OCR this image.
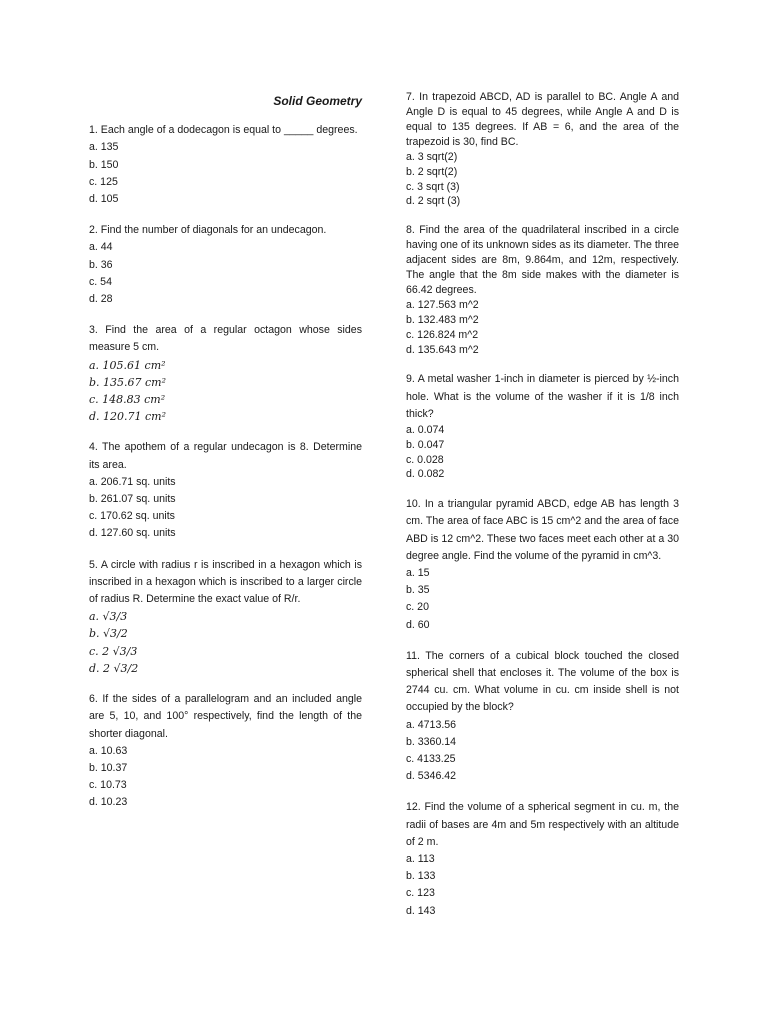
Solid Geometry
1. Each angle of a dodecagon is equal to _____ degrees.
a. 135
b. 150
c. 125
d. 105
2. Find the number of diagonals for an undecagon.
a. 44
b. 36
c. 54
d. 28
3. Find the area of a regular octagon whose sides measure 5 cm.
a. 105.61 cm²
b. 135.67 cm²
c. 148.83 cm²
d. 120.71 cm²
4. The apothem of a regular undecagon is 8. Determine its area.
a. 206.71 sq. units
b. 261.07 sq. units
c. 170.62 sq. units
d. 127.60 sq. units
5. A circle with radius r is inscribed in a hexagon which is inscribed in a hexagon which is inscribed to a larger circle of radius R. Determine the exact value of R/r.
a. √3/3
b. √3/2
c. 2 √3/3
d. 2 √3/2
6. If the sides of a parallelogram and an included angle are 5, 10, and 100° respectively, find the length of the shorter diagonal.
a. 10.63
b. 10.37
c. 10.73
d. 10.23
7. In trapezoid ABCD, AD is parallel to BC. Angle A and Angle D is equal to 45 degrees, while Angle A and D is equal to 135 degrees. If AB = 6, and the area of the trapezoid is 30, find BC.
a. 3 sqrt(2)
b. 2 sqrt(2)
c. 3 sqrt (3)
d. 2 sqrt (3)
8. Find the area of the quadrilateral inscribed in a circle having one of its unknown sides as its diameter. The three adjacent sides are 8m, 9.864m, and 12m, respectively. The angle that the 8m side makes with the diameter is 66.42 degrees.
a. 127.563 m^2
b. 132.483 m^2
c. 126.824 m^2
d. 135.643 m^2
9. A metal washer 1-inch in diameter is pierced by ½-inch hole. What is the volume of the washer if it is 1/8 inch thick?
a. 0.074
b. 0.047
c. 0.028
d. 0.082
10. In a triangular pyramid ABCD, edge AB has length 3 cm. The area of face ABC is 15 cm^2 and the area of face ABD is 12 cm^2. These two faces meet each other at a 30 degree angle. Find the volume of the pyramid in cm^3.
a. 15
b. 35
c. 20
d. 60
11. The corners of a cubical block touched the closed spherical shell that encloses it. The volume of the box is 2744 cu. cm. What volume in cu. cm inside shell is not occupied by the block?
a. 4713.56
b. 3360.14
c. 4133.25
d. 5346.42
12. Find the volume of a spherical segment in cu. m, the radii of bases are 4m and 5m respectively with an altitude of 2 m.
a. 113
b. 133
c. 123
d. 143
